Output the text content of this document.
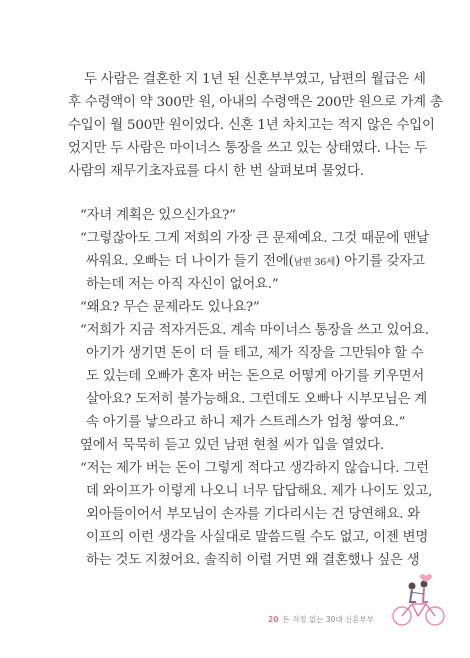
두 사람은 결혼한 지 1년 된 신혼부부였고, 남편의 월급은 세
후 수령액이 약 300만 원, 아내의 수령액은 200만 원으로 가계 총
수입이 월 500만 원이었다. 신혼 1년 차치고는 적지 않은 수입이
었지만 두 사람은 마이너스 통장을 쓰고 있는 상태였다. 나는 두
사람의 재무기초자료를 다시 한 번 살펴보며 물었다.
“자녀 계획은 있으신가요?”
“그렇잖아도 그게 저희의 가장 큰 문제예요. 그것 때문에 맨날
싸워요. 오빠는 더 나이가 들기 전에(남편 36세) 아기를 갖자고
하는데 저는 아직 자신이 없어요.”
“왜요? 무슨 문제라도 있나요?”
“저희가 지금 적자거든요. 계속 마이너스 통장을 쓰고 있어요.
아기가 생기면 돈이 더 들 테고, 제가 직장을 그만둬야 할 수
도 있는데 오빠가 혼자 버는 돈으로 어떻게 아기를 키우면서
살아요? 도저히 불가능해요. 그런데도 오빠나 시부모님은 계
속 아기를 낳으라고 하니 제가 스트레스가 엄청 쌓여요.”
옆에서 묵묵히 듣고 있던 남편 현철 씨가 입을 열었다.
“저는 제가 버는 돈이 그렇게 적다고 생각하지 않습니다. 그런
데 와이프가 이렇게 나오니 너무 답답해요. 제가 나이도 있고,
외아들이어서 부모님이 손자를 기다리시는 건 당연해요. 와
이프의 이런 생각을 사실대로 말씀드릴 수도 없고, 이젠 변명
하는 것도 지쳤어요. 솔직히 이럴 거면 왜 결혼했나 싶은 생
20 돈 걱정 없는 30대 신혼부부
